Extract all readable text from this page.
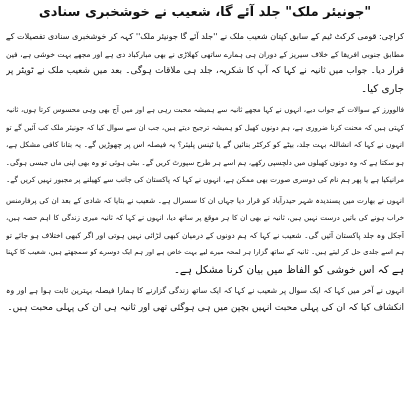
"جونیئر ملک" جلد آئے گا، شعیب نے خوشخبری سنادی
کراچی: قومی کرکٹ ٹیم کے سابق کپتان شعیب ملک نے ''جلد آئے گا جونیئر ملک'' کہہ کر خوشخبری سنادی تفصیلات کے
مطابق جنوبی افریقا کے خلاف سیریز کے دوران ہی ہمارے ساتھی کھلاڑی نے بھی مبارکباد دی ہے اور مجھے بہت خوشی ہے، فین
قرار دیا۔ جواب میں ثانیہ نے کہا کہ آپ کا شکریہ، جلد ہی ملاقات ہوگی۔ بعد میں شعیب ملک نے ٹویٹر پر
جاری کیا۔
فالوورز کے سوالات کے جواب دیے، انہوں نے کہا مجھے ثانیہ سے ہمیشہ محبت رہی ہے اور میں آج بھی وہی محسوس کرتا ہوں، ثانیہ
کہتی ہیں کہ محنت کرنا ضروری ہے، ہم دونوں کھیل کو ہمیشہ ترجیح دیتے ہیں، جب ان سے سوال کیا کہ جونیئر ملک کب آئیں گے تو
انہوں نے کہا کہ انشاللہ بہت جلد، بیٹے کو کرکٹر بنائیں گے یا ٹینس پلیئر؟ یہ فیصلہ اس پر چھوڑیں گے۔ یہ بتانا کافی مشکل ہے،
ہو سکتا ہے کہ وہ دونوں کھیلوں میں دلچسپی رکھے، ہم اسے ہر طرح سپورٹ کریں گے۔ بیٹی ہوئی تو وہ بھی اپنی ماں جیسی ہوگی۔
مرانیکیا ہے یا پھر ہم نام کی دوسری صورت بھی ممکن ہے، انہوں نے کہا کہ پاکستان کی جانب سے کھیلنے پر مجبور نہیں کریں گے۔
انہوں نے بھارت میں پسندیدہ شہر حیدرآباد کو قرار دیا جہاں ان کا سسرال ہے۔ شعیب نے بتایا کہ شادی کے بعد ان کی پرفارمنس
خراب ہونے کی باتیں درست نہیں ہیں، ثانیہ نے بھی ان کا ہر موقع پر ساتھ دیا، انہوں نے کہا کہ ثانیہ میری زندگی کا اہم حصہ ہیں،
آجکل وہ جلد پاکستان آئیں گی۔ شعیب نے کہا کہ ہم دونوں کے درمیان کبھی لڑائی نہیں ہوتی اور اگر کبھی اختلاف ہو جائے تو
ہم اسے جلدی حل کر لیتے ہیں۔ ثانیہ کے ساتھ گزارا ہر لمحہ میرے لیے بہت خاص ہے اور ہم ایک دوسرے کو سمجھتے ہیں، شعیب کا کہنا
ہے کہ اس خوشی کو الفاظ میں بیان کرنا مشکل ہے۔
انہوں نے آخر میں کہا کہ ایک سوال پر شعیب نے کہا کہ ایک ساتھ زندگی گزارنے کا ہمارا فیصلہ بہترین ثابت ہوا ہے اور وہ
انکشاف کیا کہ ان کی پہلی محبت انہیں بچپن میں ہی ہوگئی تھی اور ثانیہ ہی ان کی پہلی محبت ہیں۔
